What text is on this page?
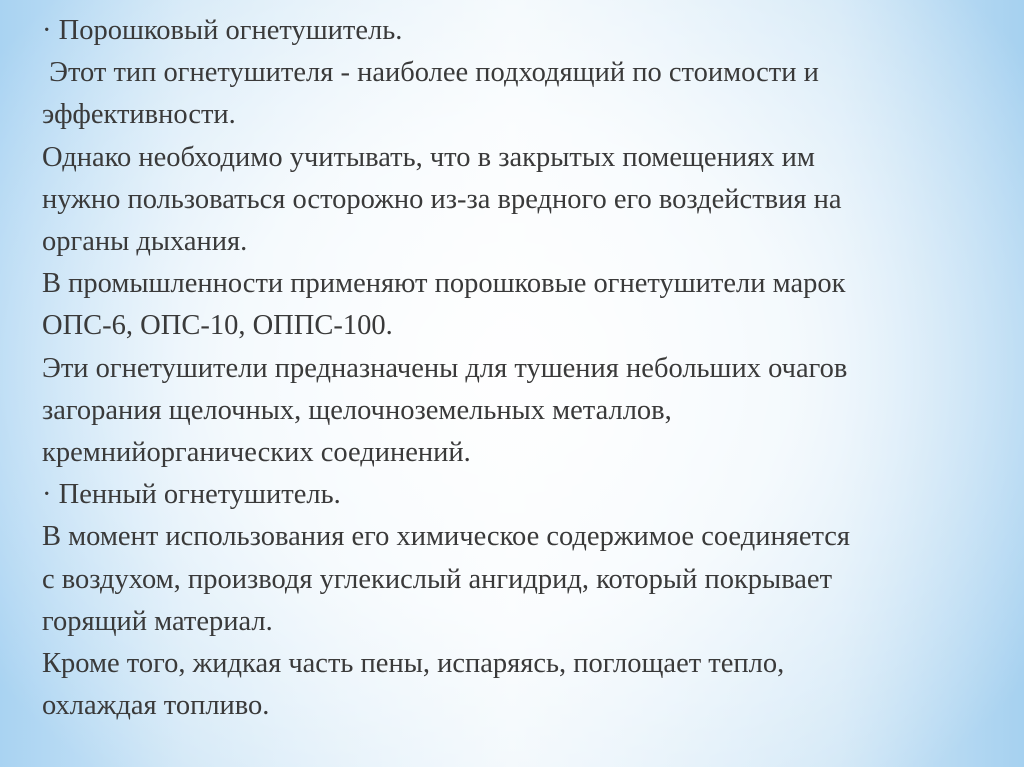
· Порошковый огнетушитель.
Этот тип огнетушителя - наиболее подходящий по стоимости и
эффективности.
Однако необходимо учитывать, что в закрытых помещениях им
нужно пользоваться осторожно из-за вредного его воздействия на
органы дыхания.
В промышленности применяют порошковые огнетушители марок
ОПС-6, ОПС-10, ОППС-100.
Эти огнетушители предназначены для тушения небольших очагов
загорания щелочных, щелочноземельных металлов,
кремнийорганических соединений.
· Пенный огнетушитель.
В момент использования его химическое содержимое соединяется
с воздухом, производя углекислый ангидрид, который покрывает
горящий материал.
Кроме того, жидкая часть пены, испаряясь, поглощает тепло,
охлаждая топливо.
